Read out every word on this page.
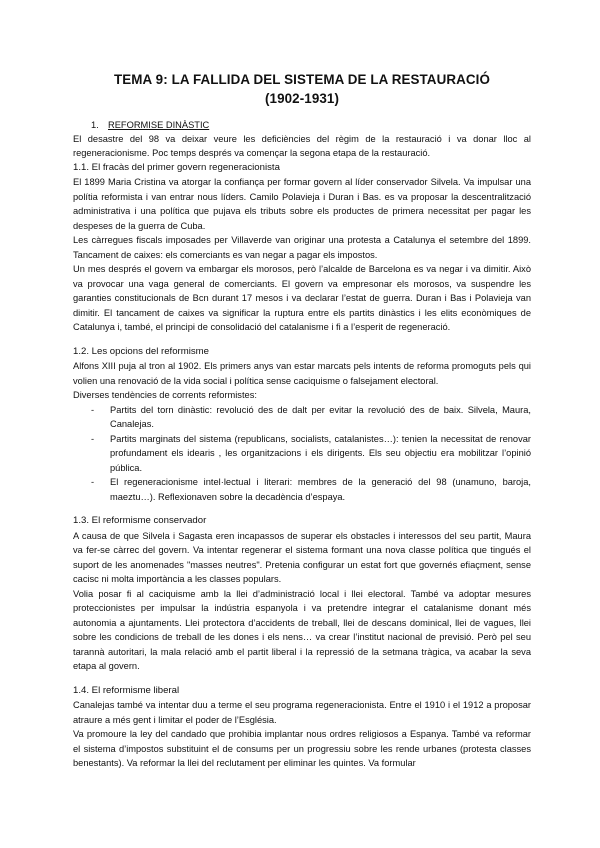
TEMA 9: LA FALLIDA DEL SISTEMA DE LA RESTAURACIÓ
(1902-1931)
1. REFORMISE DINÀSTIC

El desastre del 98 va deixar veure les deficiències del règim de la restauració i va donar lloc al regeneracionisme. Poc temps després va començar la segona etapa de la restauració.

1.1. El fracàs del primer govern regeneracionista

El 1899 Maria Cristina va atorgar la confiança per formar govern al líder conservador Silvela. Va impulsar una polítia reformista i van entrar nous líders. Camilo Polavieja i Duran i Bas. es va proposar la descentralització administrativa i una política que pujava els tributs sobre els productes de primera necessitat per pagar les despeses de la guerra de Cuba.

Les càrregues fiscals imposades per Villaverde van originar una protesta a Catalunya el setembre del 1899. Tancament de caixes: els comerciants es van negar a pagar els impostos.

Un mes després el govern va embargar els morosos, però l’alcalde de Barcelona es va negar i va dimitir. Això va provocar una vaga general de comerciants. El govern va empresonar els morosos, va suspendre les garanties constitucionals de Bcn durant 17 mesos i va declarar l’estat de guerra. Duran i Bas i Polavieja van dimitir. El tancament de caixes va significar la ruptura entre els partits dinàstics i les elits econòmiques de Catalunya i, també, el principi de consolidació del catalanisme i fi a l’esperit de regeneració.

1.2. Les opcions del reformisme

Alfons XIII puja al tron al 1902. Els primers anys van estar marcats pels intents de reforma promoguts pels qui volien una renovació de la vida social i política sense caciquisme o falsejament electoral.

Diverses tendències de corrents reformistes:

- Partits del torn dinàstic: revolució des de dalt per evitar la revolució des de baix. Silvela, Maura, Canalejas.
- Partits marginats del sistema (republicans, socialists, catalanistes…): tenien la necessitat de renovar profundament els idearis , les organitzacions i els dirigents. Els seu objectiu era mobilitzar l’opinió pública.
- El regeneracionisme intel·lectual i literari: membres de la generació del 98 (unamuno, baroja, maeztu…). Reflexionaven sobre la decadència d’espaya.
1.3. El reformisme conservador

A causa de que Silvela i Sagasta eren incapassos de superar els obstacles i interessos del seu partit, Maura va fer-se càrrec del govern. Va intentar regenerar el sistema formant una nova classe política que tingués el suport de les anomenades "masses neutres". Pretenia configurar un estat fort que governés efiaçment, sense cacisc ni molta importància a les classes populars.

Volia posar fi al caciquisme amb la llei d’administració local i llei electoral. També va adoptar mesures proteccionistes per impulsar la indústria espanyola i va pretendre integrar el catalanisme donant més autonomia a ajuntaments. Llei protectora d’accidents de treball, llei de descans dominical, llei de vagues, llei sobre les condicions de treball de les dones i els nens… va crear l’institut nacional de previsió. Però pel seu tarannà autoritari, la mala relació amb el partit liberal i la repressió de la setmana tràgica, va acabar la seva etapa al govern.

1.4. El reformisme liberal

Canalejas també va intentar duu a terme el seu programa regeneracionista. Entre el 1910 i el 1912 a proposar atraure a més gent i limitar el poder de l’Església.

Va promoure la ley del candado que prohibia implantar nous ordres religiosos a Espanya. També va reformar el sistema d’impostos substituint el de consums per un progressiu sobre les rende urbanes (protesta classes benestants). Va reformar la llei del reclutament per eliminar les quintes. Va formular
